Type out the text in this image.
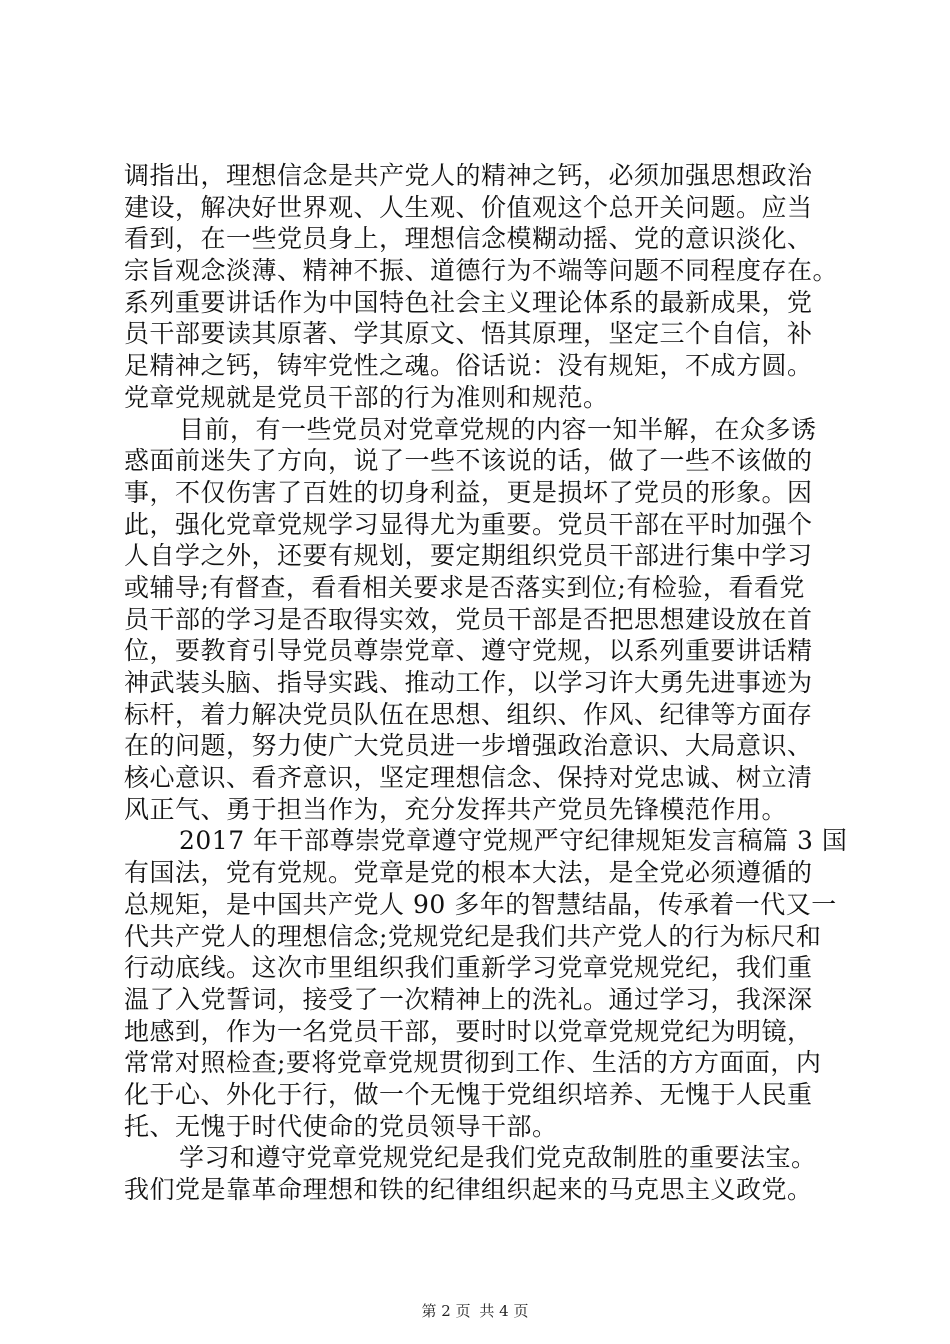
调指出，理想信念是共产党人的精神之钙，必须加强思想政治
建设，解决好世界观、人生观、价值观这个总开关问题。应当
看到，在一些党员身上，理想信念模糊动摇、党的意识淡化、
宗旨观念淡薄、精神不振、道德行为不端等问题不同程度存在。
系列重要讲话作为中国特色社会主义理论体系的最新成果，党
员干部要读其原著、学其原文、悟其原理，坚定三个自信，补
足精神之钙，铸牢党性之魂。俗话说：没有规矩，不成方圆。
党章党规就是党员干部的行为准则和规范。
目前，有一些党员对党章党规的内容一知半解，在众多诱
惑面前迷失了方向，说了一些不该说的话，做了一些不该做的
事，不仅伤害了百姓的切身利益，更是损坏了党员的形象。因
此，强化党章党规学习显得尤为重要。党员干部在平时加强个
人自学之外，还要有规划，要定期组织党员干部进行集中学习
或辅导;有督查，看看相关要求是否落实到位;有检验，看看党
员干部的学习是否取得实效，党员干部是否把思想建设放在首
位，要教育引导党员尊崇党章、遵守党规，以系列重要讲话精
神武装头脑、指导实践、推动工作，以学习许大勇先进事迹为
标杆，着力解决党员队伍在思想、组织、作风、纪律等方面存
在的问题，努力使广大党员进一步增强政治意识、大局意识、
核心意识、看齐意识，坚定理想信念、保持对党忠诚、树立清
风正气、勇于担当作为，充分发挥共产党员先锋模范作用。
2017 年干部尊崇党章遵守党规严守纪律规矩发言稿篇 3 国
有国法，党有党规。党章是党的根本大法，是全党必须遵循的
总规矩，是中国共产党人 90 多年的智慧结晶，传承着一代又一
代共产党人的理想信念;党规党纪是我们共产党人的行为标尺和
行动底线。这次市里组织我们重新学习党章党规党纪，我们重
温了入党誓词，接受了一次精神上的洗礼。通过学习，我深深
地感到，作为一名党员干部，要时时以党章党规党纪为明镜，
常常对照检查;要将党章党规贯彻到工作、生活的方方面面，内
化于心、外化于行，做一个无愧于党组织培养、无愧于人民重
托、无愧于时代使命的党员领导干部。
学习和遵守党章党规党纪是我们党克敌制胜的重要法宝。
我们党是靠革命理想和铁的纪律组织起来的马克思主义政党。
第 2 页 共 4 页
